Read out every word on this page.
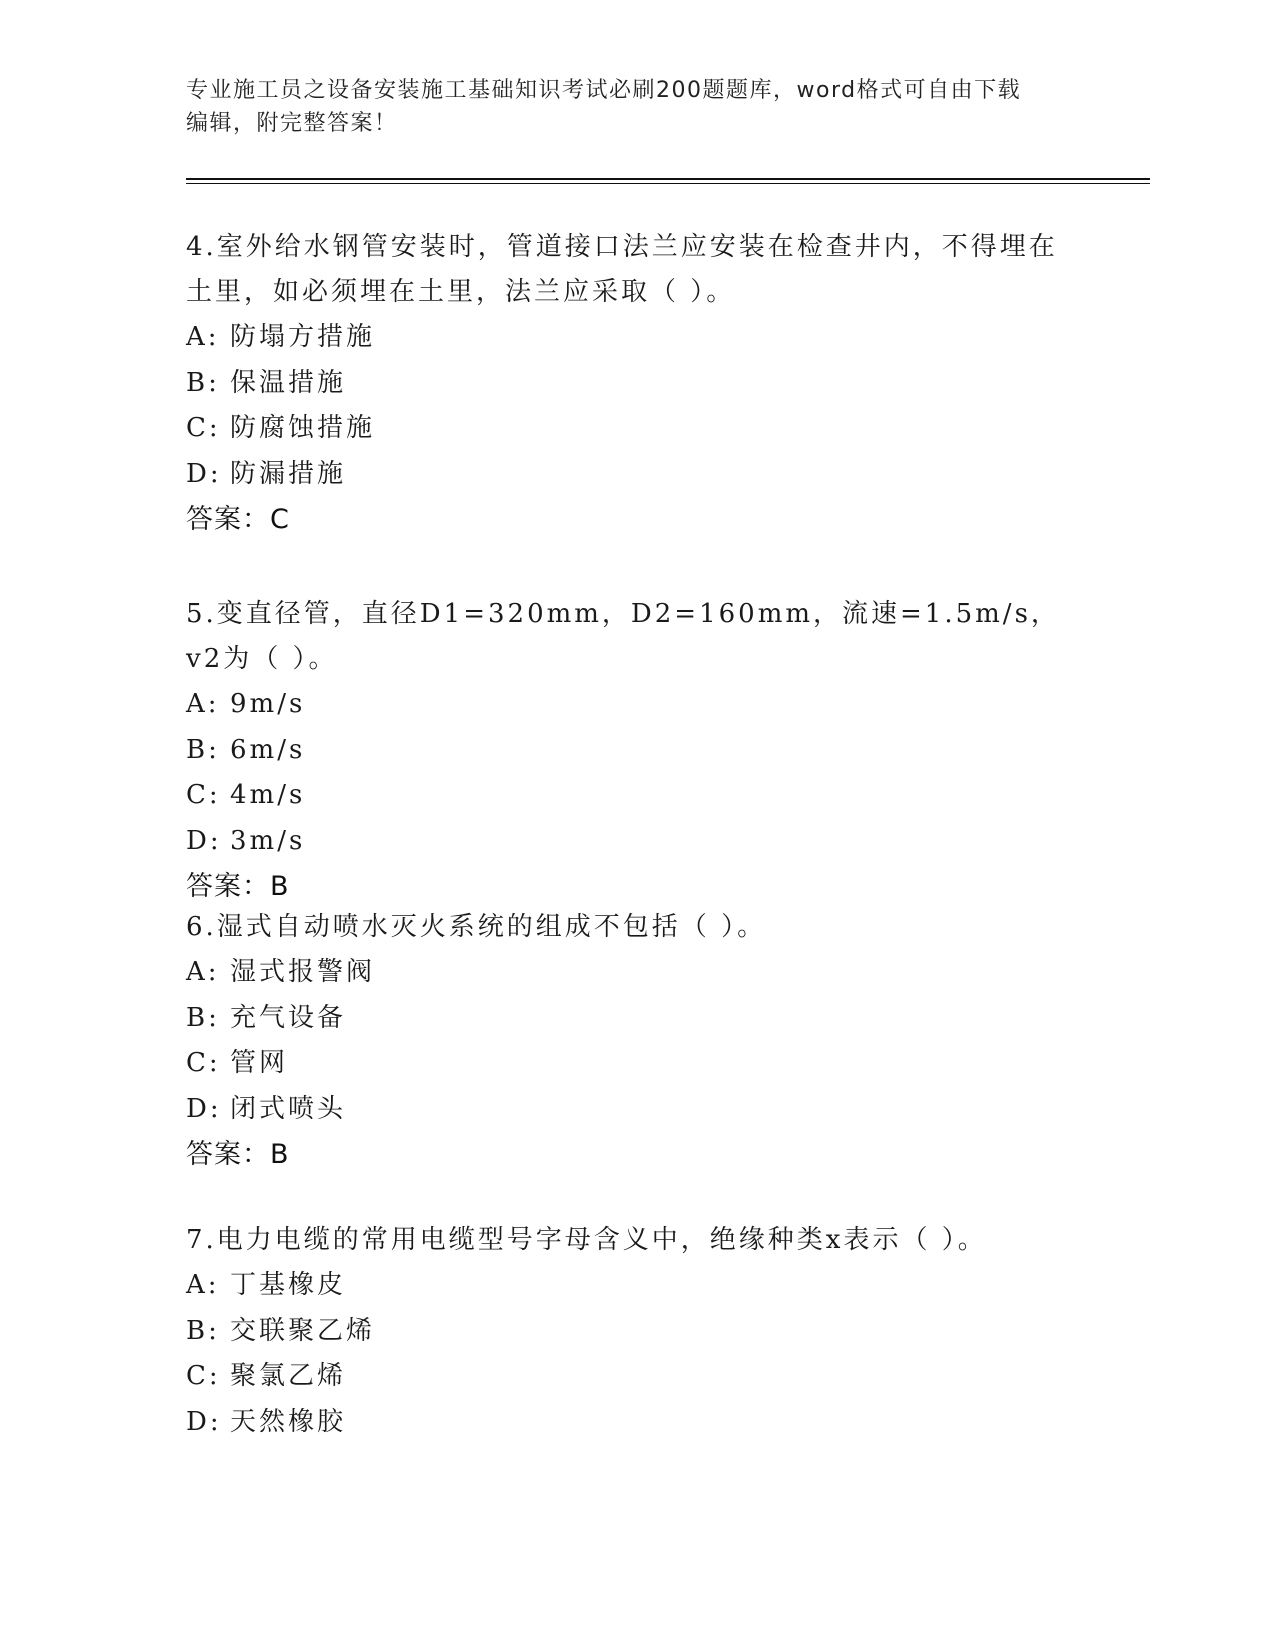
专业施工员之设备安装施工基础知识考试必刷200题题库，word格式可自由下载
编辑，附完整答案！

4.室外给水钢管安装时，管道接口法兰应安装在检查井内，不得埋在

土里，如必须埋在土里，法兰应采取（ ）。

A: 防塌方措施

B: 保温措施

C: 防腐蚀措施

D: 防漏措施

答案：C

5.变直径管，直径D1=320mm，D2=160mm，流速=1.5m/s，v2为（ ）。

A: 9m/s

B: 6m/s

C: 4m/s

D: 3m/s

答案：B

6.湿式自动喷水灭火系统的组成不包括（ ）。

A: 湿式报警阀

B: 充气设备

C: 管网

D: 闭式喷头

答案：B

7.电力电缆的常用电缆型号字母含义中，绝缘种类x表示（ ）。

A: 丁基橡皮

B: 交联聚乙烯

C: 聚氯乙烯

D: 天然橡胶
